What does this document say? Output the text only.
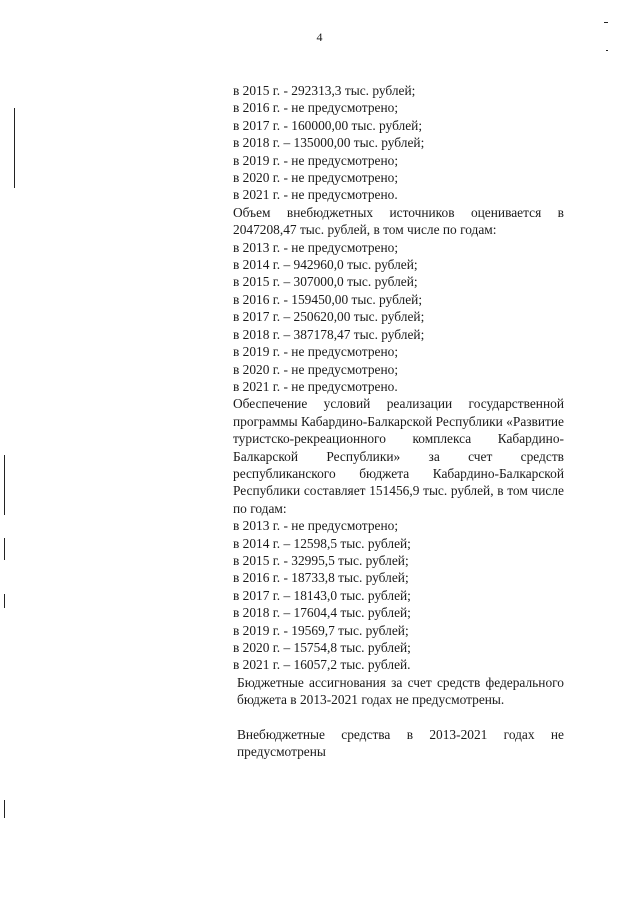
4

в 2015 г. - 292313,3 тыс. рублей;

в 2016 г. - не предусмотрено;

в 2017 г. - 160000,00 тыс. рублей;

в 2018 г. – 135000,00 тыс. рублей;

в 2019 г. - не предусмотрено;

в 2020 г. - не предусмотрено;

в 2021 г. - не предусмотрено.

Объем внебюджетных источников оценивается в 2047208,47 тыс. рублей, в том числе по годам:

в 2013 г. - не предусмотрено;

в 2014 г. – 942960,0 тыс. рублей;

в 2015 г. – 307000,0 тыс. рублей;

в 2016 г. - 159450,00 тыс. рублей;

в 2017 г. – 250620,00 тыс. рублей;

в 2018 г. – 387178,47 тыс. рублей;

в 2019 г. - не предусмотрено;

в 2020 г. - не предусмотрено;

в 2021 г. - не предусмотрено.

Обеспечение условий реализации государственной программы Кабардино-Балкарской Республики «Развитие туристско-рекреационного комплекса Кабардино-Балкарской Республики» за счет средств республиканского бюджета Кабардино-Балкарской Республики составляет 151456,9 тыс. рублей, в том числе по годам:

в 2013 г. - не предусмотрено;

в 2014 г. – 12598,5 тыс. рублей;

в 2015 г. - 32995,5 тыс. рублей;

в 2016 г. - 18733,8 тыс. рублей;

в 2017 г. – 18143,0 тыс. рублей;

в 2018 г. – 17604,4 тыс. рублей;

в 2019 г. - 19569,7 тыс. рублей;

в 2020 г. – 15754,8 тыс. рублей;

в 2021 г. – 16057,2 тыс. рублей.

Бюджетные ассигнования за счет средств федерального бюджета в 2013-2021 годах не предусмотрены.

Внебюджетные средства в 2013-2021 годах не предусмотрены
